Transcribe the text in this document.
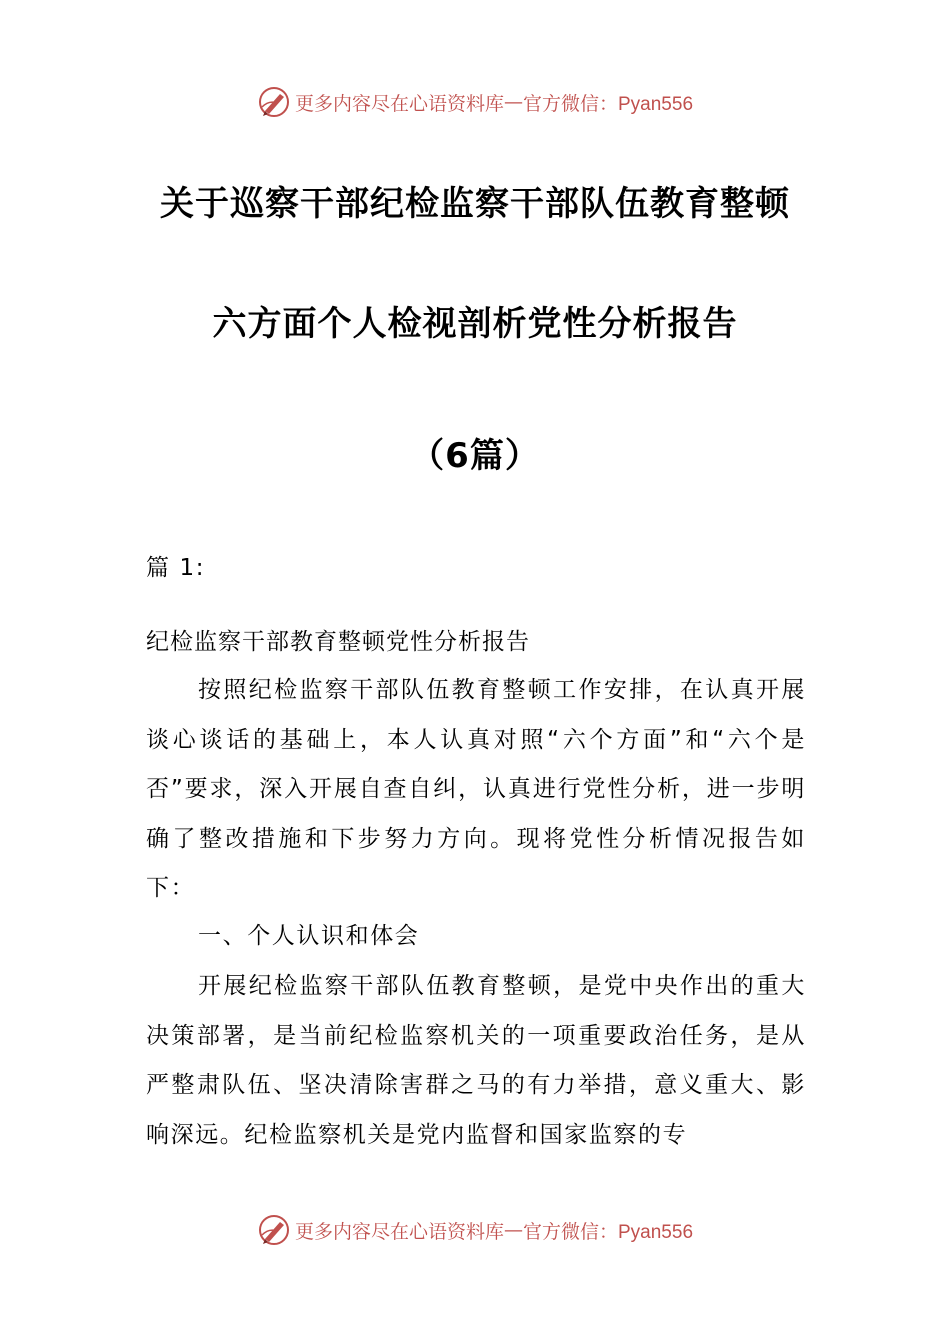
更多内容尽在心语资料库 — 官方微信：Pyan556
关于巡察干部纪检监察干部队伍教育整顿
六方面个人检视剖析党性分析报告
（6篇）
篇 1:
纪检监察干部教育整顿党性分析报告
按照纪检监察干部队伍教育整顿工作安排，在认真开展谈心谈话的基础上，本人认真对照“六个方面”和“六个是否”要求，深入开展自查自纠，认真进行党性分析，进一步明确了整改措施和下步努力方向。现将党性分析情况报告如下：
一、个人认识和体会
开展纪检监察干部队伍教育整顿，是党中央作出的重大决策部署，是当前纪检监察机关的一项重要政治任务，是从严整肃队伍、坚决清除害群之马的有力举措，意义重大、影响深远。纪检监察机关是党内监督和国家监察的专
更多内容尽在心语资料库 — 官方微信：Pyan556
